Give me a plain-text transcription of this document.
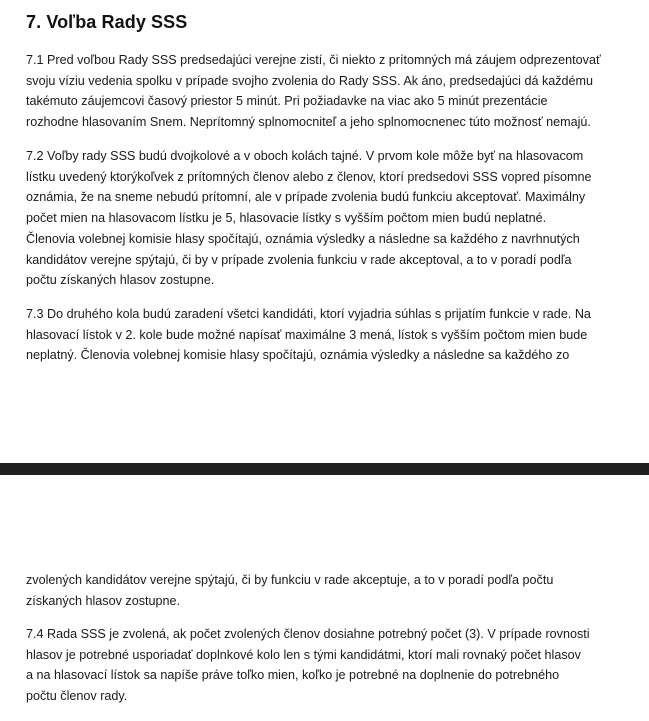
7. Voľba Rady SSS
7.1 Pred voľbou Rady SSS predsedajúci verejne zistí, či niekto z prítomných má záujem odprezentovať
svoju víziu vedenia spolku v prípade svojho zvolenia do Rady SSS. Ak áno, predsedajúci dá každému
takémuto záujemcovi časový priestor 5 minút. Pri požiadavke na viac ako 5 minút prezentácie
rozhodne hlasovaním Snem. Neprítomný splnomocniteľ a jeho splnomocnenec túto možnosť nemajú.
7.2 Voľby rady SSS budú dvojkolové a v oboch kolách tajné. V prvom kole môže byť na hlasovacom
lístku uvedený ktorýkoľvek z prítomných členov alebo z členov, ktorí predsedovi SSS vopred písomne
oznámia, že na sneme nebudú prítomní, ale v prípade zvolenia budú funkciu akceptovať. Maximálny
počet mien na hlasovacom lístku je 5, hlasovacie lístky s vyšším počtom mien budú neplatné.
Členovia volebnej komisie hlasy spočítajú, oznámia výsledky a následne sa každého z navrhnutých
kandidátov verejne spýtajú, či by v prípade zvolenia funkciu v rade akceptoval, a to v poradí podľa
počtu získaných hlasov zostupne.
7.3 Do druhého kola budú zaradení všetci kandidáti, ktorí vyjadria súhlas s prijatím funkcie v rade. Na
hlasovací lístok v 2. kole bude možné napísať maximálne 3 mená, lístok s vyšším počtom mien bude
neplatný. Členovia volebnej komisie hlasy spočítajú, oznámia výsledky a následne sa každého zo
zvolených kandidátov verejne spýtajú, či by funkciu v rade akceptuje, a to v poradí podľa počtu
získaných hlasov zostupne.
7.4 Rada SSS je zvolená, ak počet zvolených členov dosiahne potrebný počet (3). V prípade rovnosti
hlasov je potrebné usporiadať doplnkové kolo len s tými kandidátmi, ktorí mali rovnaký počet hlasov
a na hlasovací lístok sa napíše práve toľko mien, koľko je potrebné na doplnenie do potrebného
počtu členov rady.
